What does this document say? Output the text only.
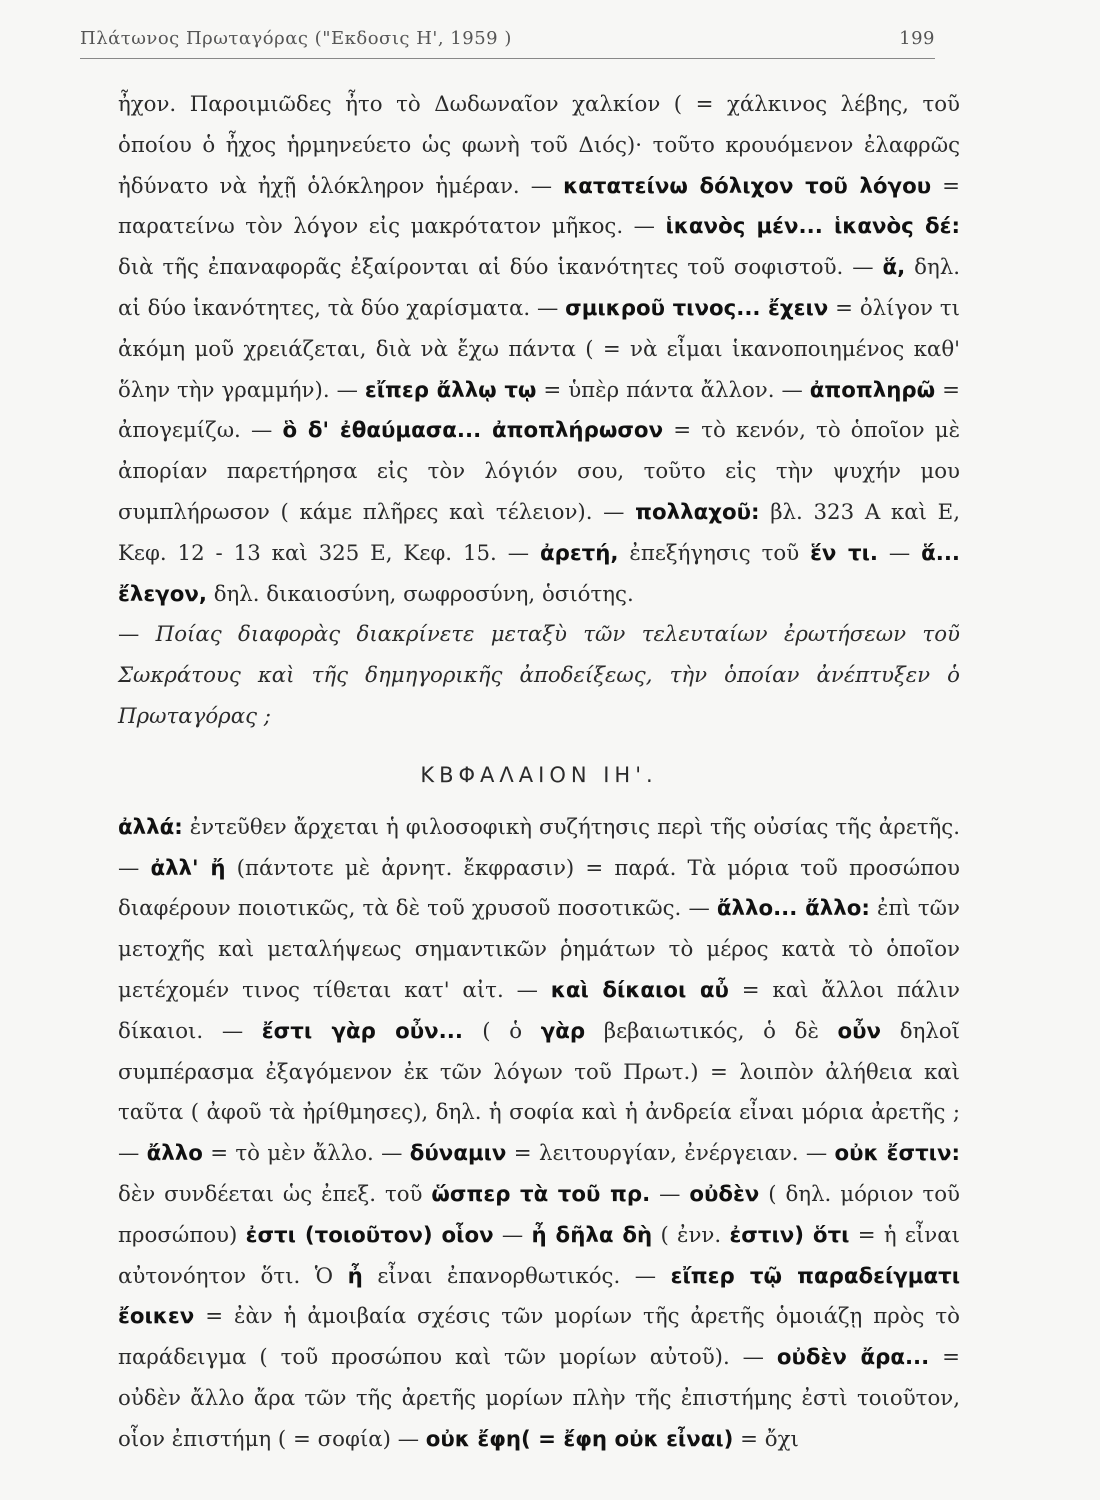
Πλάτωνος Πρωταγόρας ("Εκδοσις Η', 1959 )	199

ἦχον. Παροιμιῶδες ἦτο τὸ Δωδωναῖον χαλκίον ( = χάλκινος λέβης, τοῦ ὁποίου ὁ ἦχος ἡρμηνεύετο ὡς φωνὴ τοῦ Διός)· τοῦτο κρουόμενον ἐλαφρῶς ἠδύνατο νὰ ἠχῇ ὁλόκληρον ἡμέραν. — κατατείνω δόλιχον τοῦ λόγου = παρατείνω τὸν λόγον εἰς μακρότατον μῆκος. — ἱκανὸς μέν... ἱκανὸς δέ: διὰ τῆς ἐπαναφορᾶς ἐξαίρονται αἱ δύο ἱκανότητες τοῦ σοφιστοῦ. — ἅ, δηλ. αἱ δύο ἱκανότητες, τὰ δύο χαρίσματα. — σμικροῦ τινος... ἔχειν = ὀλίγον τι ἀκόμη μοῦ χρειάζεται, διὰ νὰ ἔχω πάντα ( = νὰ εἶμαι ἱκανοποιημένος καθ' ὅλην τὴν γραμμήν). — εἴπερ ἄλλῳ τῳ = ὑπὲρ πάντα ἄλλον. — ἀποπληρῶ = ἀπογεμίζω. — ὃ δ' ἐθαύμασα... ἀποπλήρωσον = τὸ κενόν, τὸ ὁποῖον μὲ ἀπορίαν παρετήρησα εἰς τὸν λόγιόν σου, τοῦτο εἰς τὴν ψυχήν μου συμπλήρωσον ( κάμε πλῆρες καὶ τέλειον). — πολλαχοῦ: βλ. 323 Α καὶ Ε, Κεφ. 12 - 13 καὶ 325 Ε, Κεφ. 15. — ἀρετή, ἐπεξήγησις τοῦ ἕν τι. — ἅ... ἔλεγον, δηλ. δικαιοσύνη, σωφροσύνη, ὁσιότης.

— Ποίας διαφορὰς διακρίνετε μεταξὺ τῶν τελευταίων ἐρωτήσεων τοῦ Σωκράτους καὶ τῆς δημηγορικῆς ἀποδείξεως, τὴν ὁποίαν ἀνέπτυξεν ὁ Πρωταγόρας ;

ΚΒΦΑΛΑΙΟΝ ΙΗ'.

ἀλλά: ἐντεῦθεν ἄρχεται ἡ φιλοσοφικὴ συζήτησις περὶ τῆς οὐσίας τῆς ἀρετῆς. — ἀλλ' ἤ (πάντοτε μὲ ἀρνητ. ἔκφρασιν) = παρά. Τὰ μόρια τοῦ προσώπου διαφέρουν ποιοτικῶς, τὰ δὲ τοῦ χρυσοῦ ποσοτικῶς. — ἄλλο... ἄλλο: ἐπὶ τῶν μετοχῆς καὶ μεταλήψεως σημαντικῶν ῥημάτων τὸ μέρος κατὰ τὸ ὁποῖον μετέχομέν τινος τίθεται κατ' αἰτ. — καὶ δίκαιοι αὖ = καὶ ἄλλοι πάλιν δίκαιοι. — ἔστι γὰρ οὖν... ( ὁ γὰρ βεβαιωτικός, ὁ δὲ οὖν δηλοῖ συμπέρασμα ἐξαγόμενον ἐκ τῶν λόγων τοῦ Πρωτ.) = λοιπὸν ἀλήθεια καὶ ταῦτα ( ἀφοῦ τὰ ἠρίθμησες), δηλ. ἡ σοφία καὶ ἡ ἀνδρεία εἶναι μόρια ἀρετῆς ; — ἄλλο = τὸ μὲν ἄλλο. — δύναμιν = λειτουργίαν, ἐνέργειαν. — οὐκ ἔστιν: δὲν συνδέεται ὡς ἐπεξ. τοῦ ὥσπερ τὰ τοῦ πρ. — οὐδὲν ( δηλ. μόριον τοῦ προσώπου) ἐστι (τοιοῦτον) οἷον — ἦ δῆλα δὴ ( ἐνν. ἐστιν) ὅτι = ἡ εἶναι αὐτονόητον ὅτι. Ὁ ἦ εἶναι ἐπανορθωτικός. — εἴπερ τῷ παραδείγματι ἔοικεν = ἐὰν ἡ ἀμοιβαία σχέσις τῶν μορίων τῆς ἀρετῆς ὁμοιάζῃ πρὸς τὸ παράδειγμα ( τοῦ προσώπου καὶ τῶν μορίων αὐτοῦ). — οὐδὲν ἄρα... = οὐδὲν ἄλλο ἄρα τῶν τῆς ἀρετῆς μορίων πλὴν τῆς ἐπιστήμης ἐστὶ τοιοῦτον, οἷον ἐπιστήμη ( = σοφία) — οὐκ ἔφη( = ἔφη οὐκ εἶναι) = ὄχι
